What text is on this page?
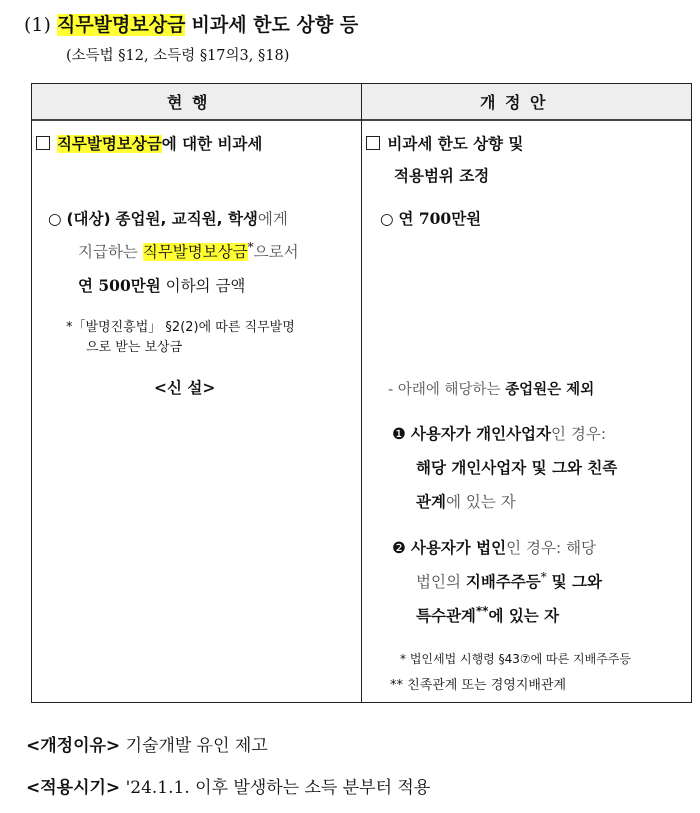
(1) 직무발명보상금 비과세 한도 상향 등
(소득법 §12, 소득령 §17의3, §18)
현 행	개 정 안
직무발명보상금에 대한 비과세
○ (대상) 종업원, 교직원, 학생에게
지급하는 직무발명보상금*으로서
연 500만원 이하의 금액
*「발명진흥법」 §2(2)에 따른 직무발명
으로 받는 보상금
<신 설>
비과세 한도 상향 및
적용범위 조정
○ 연 700만원
- 아래에 해당하는 종업원은 제외
❶ 사용자가 개인사업자인 경우:
해당 개인사업자 및 그와 친족
관계에 있는 자
❷ 사용자가 법인인 경우: 해당
법인의 지배주주등* 및 그와
특수관계**에 있는 자
* 법인세법 시행령 §43⑦에 따른 지배주주등
** 친족관계 또는 경영지배관계
<개정이유> 기술개발 유인 제고
<적용시기> '24.1.1. 이후 발생하는 소득 분부터 적용
